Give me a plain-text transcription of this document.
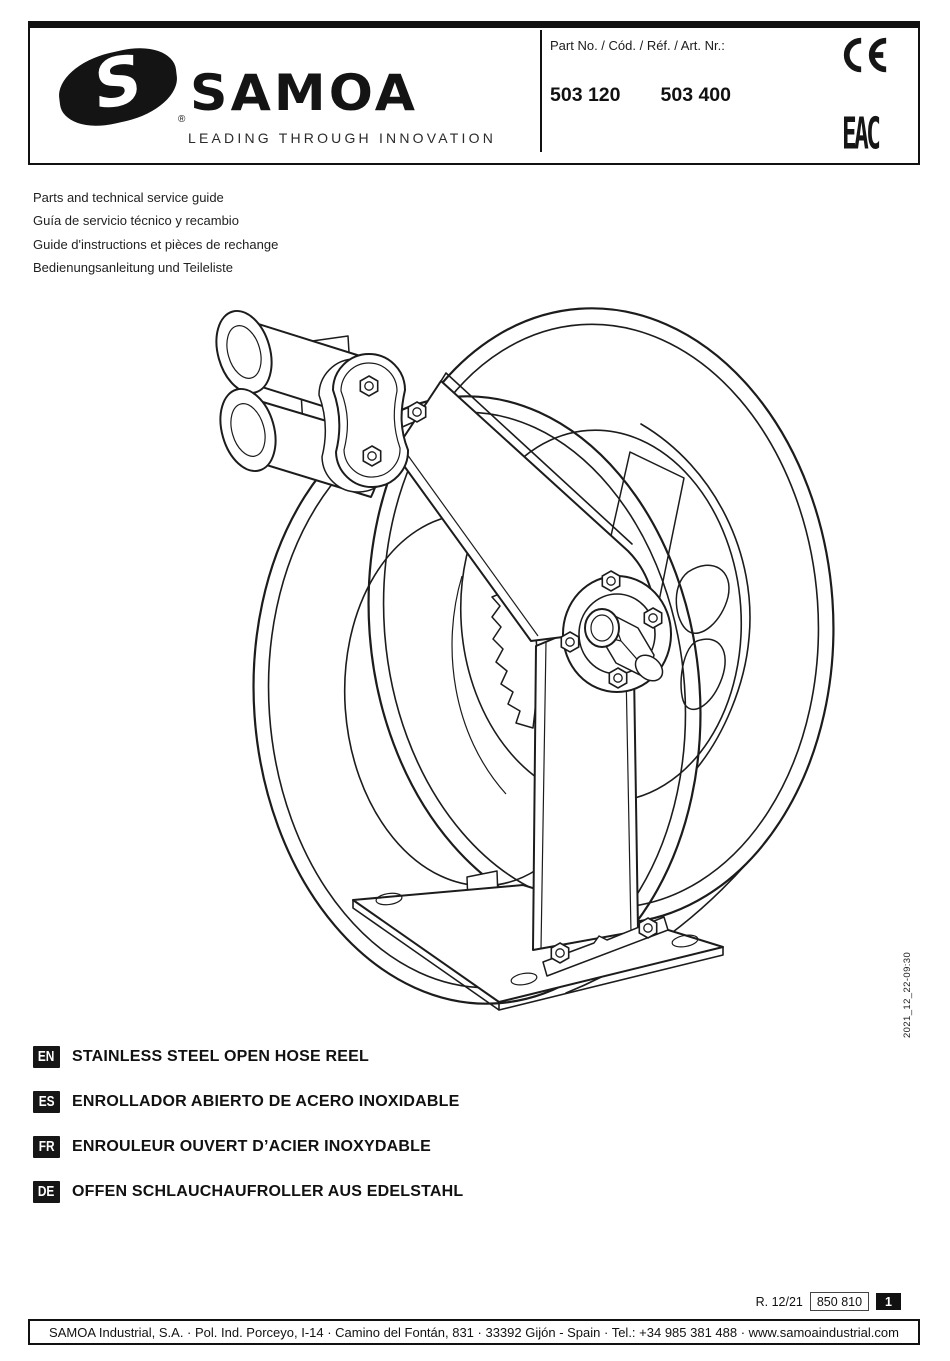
S	® SAMOA
LEADING THROUGH INNOVATION
Part No. / Cód. / Réf. / Art. Nr.:
503 120 503 400
EAC
Parts and technical service guide
Guía de servicio técnico y recambio
Guide d'instructions et pièces de rechange
Bedienungsanleitung und Teileliste
2021_12_22-09:30
EN STAINLESS STEEL OPEN HOSE REEL
ES ENROLLADOR ABIERTO DE ACERO INOXIDABLE
FR ENROULEUR OUVERT D’ACIER INOXYDABLE
DE OFFEN SCHLAUCHAUFROLLER AUS EDELSTAHL
R. 12/21	850 810	1
SAMOA Industrial, S.A. · Pol. Ind. Porceyo, I-14 · Camino del Fontán, 831 · 33392 Gijón - Spain · Tel.: +34 985 381 488 · www.samoaindustrial.com
